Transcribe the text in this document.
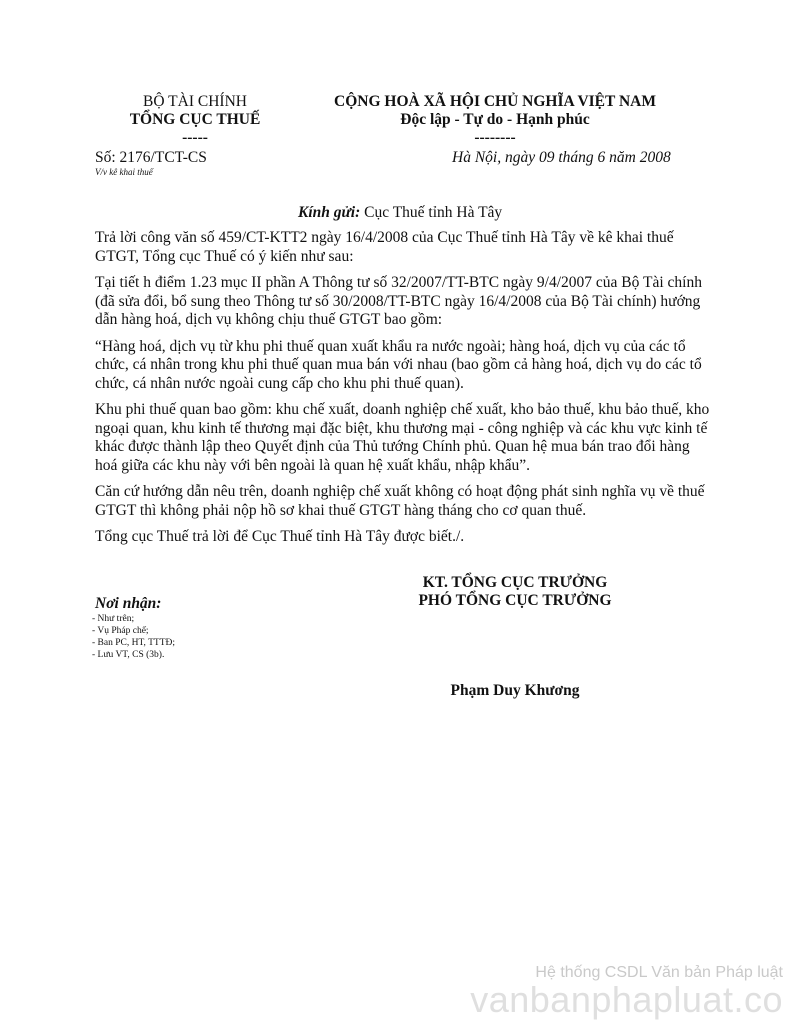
BỘ TÀI CHÍNH
TỔNG CỤC THUẾ
-----
CỘNG HOÀ XÃ HỘI CHỦ NGHĨA VIỆT NAM
Độc lập - Tự do - Hạnh phúc
--------
Số: 2176/TCT-CS
V/v kê khai thuế
Hà Nội, ngày 09 tháng 6 năm 2008
Kính gửi: Cục Thuế tỉnh Hà Tây

Trả lời công văn số 459/CT-KTT2 ngày 16/4/2008 của Cục Thuế tỉnh Hà Tây về kê khai thuế GTGT, Tổng cục Thuế có ý kiến như sau:

Tại tiết h điểm 1.23 mục II phần A Thông tư số 32/2007/TT-BTC ngày 9/4/2007 của Bộ Tài chính (đã sửa đổi, bổ sung theo Thông tư số 30/2008/TT-BTC ngày 16/4/2008 của Bộ Tài chính) hướng dẫn hàng hoá, dịch vụ không chịu thuế GTGT bao gồm:

“Hàng hoá, dịch vụ từ khu phi thuế quan xuất khẩu ra nước ngoài; hàng hoá, dịch vụ của các tổ chức, cá nhân trong khu phi thuế quan mua bán với nhau (bao gồm cả hàng hoá, dịch vụ do các tổ chức, cá nhân nước ngoài cung cấp cho khu phi thuế quan).

Khu phi thuế quan bao gồm: khu chế xuất, doanh nghiệp chế xuất, kho bảo thuế, khu bảo thuế, kho ngoại quan, khu kinh tế thương mại đặc biệt, khu thương mại - công nghiệp và các khu vực kinh tế khác được thành lập theo Quyết định của Thủ tướng Chính phủ. Quan hệ mua bán trao đổi hàng hoá giữa các khu này với bên ngoài là quan hệ xuất khẩu, nhập khẩu”.

Căn cứ hướng dẫn nêu trên, doanh nghiệp chế xuất không có hoạt động phát sinh nghĩa vụ về thuế GTGT thì không phải nộp hồ sơ khai thuế GTGT hàng tháng cho cơ quan thuế.

Tổng cục Thuế trả lời để Cục Thuế tỉnh Hà Tây được biết./.

KT. TỔNG CỤC TRƯỞNG
PHÓ TỔNG CỤC TRƯỞNG
Phạm Duy Khương
Nơi nhận:
- Như trên;
- Vụ Pháp chế;
- Ban PC, HT, TTTĐ;
- Lưu VT, CS (3b).
Hệ thống CSDL Văn bản Pháp luật
vanbanphapluat.co
